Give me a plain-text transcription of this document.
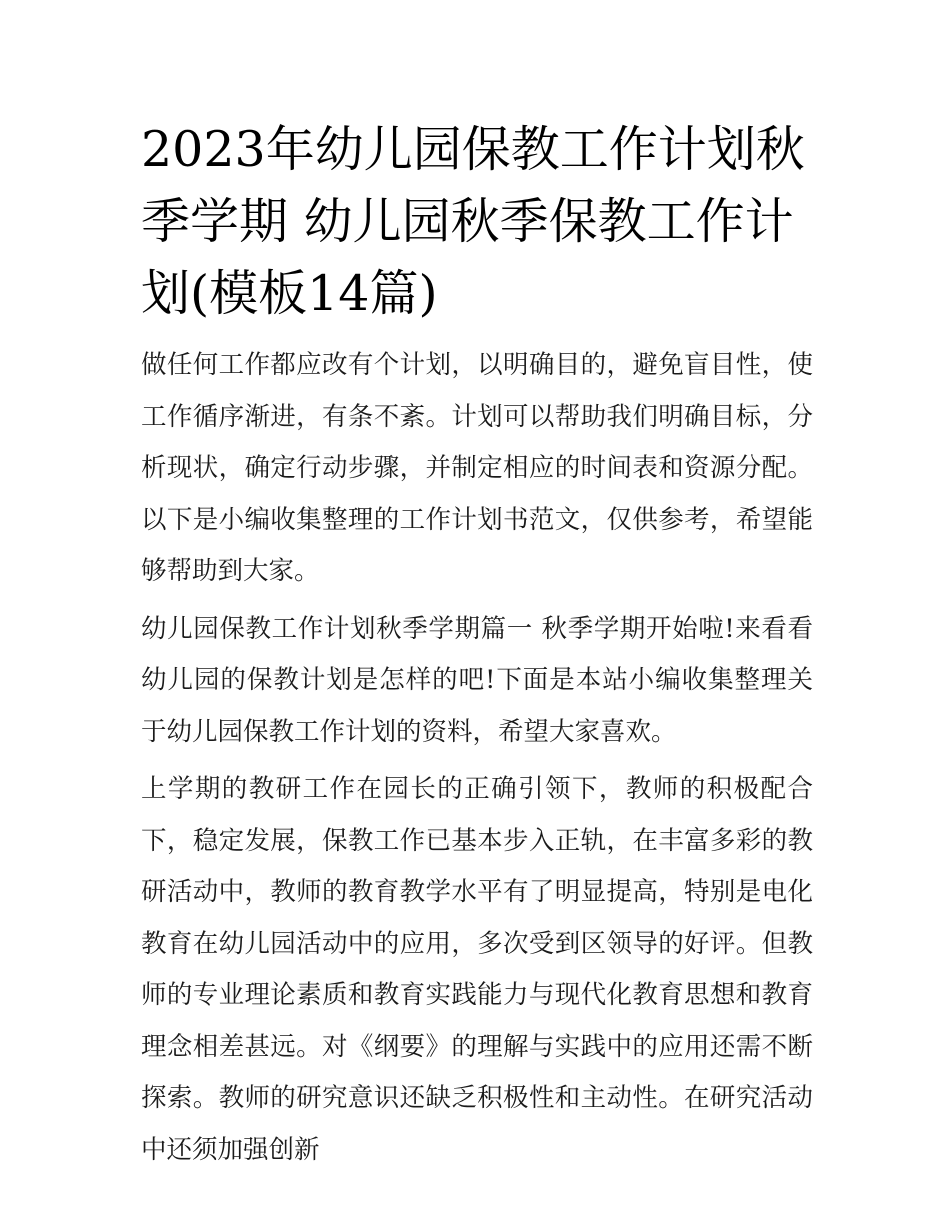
2023年幼儿园保教工作计划秋季学期 幼儿园秋季保教工作计划(模板14篇)

做任何工作都应改有个计划，以明确目的，避免盲目性，使工作循序渐进，有条不紊。计划可以帮助我们明确目标，分析现状，确定行动步骤，并制定相应的时间表和资源分配。以下是小编收集整理的工作计划书范文，仅供参考，希望能够帮助到大家。

幼儿园保教工作计划秋季学期篇一 秋季学期开始啦!来看看幼儿园的保教计划是怎样的吧!下面是本站小编收集整理关于幼儿园保教工作计划的资料，希望大家喜欢。

上学期的教研工作在园长的正确引领下，教师的积极配合下，稳定发展，保教工作已基本步入正轨，在丰富多彩的教研活动中，教师的教育教学水平有了明显提高，特别是电化教育在幼儿园活动中的应用，多次受到区领导的好评。但教师的专业理论素质和教育实践能力与现代化教育思想和教育理念相差甚远。对《纲要》的理解与实践中的应用还需不断探索。教师的研究意识还缺乏积极性和主动性。在研究活动中还须加强创新
